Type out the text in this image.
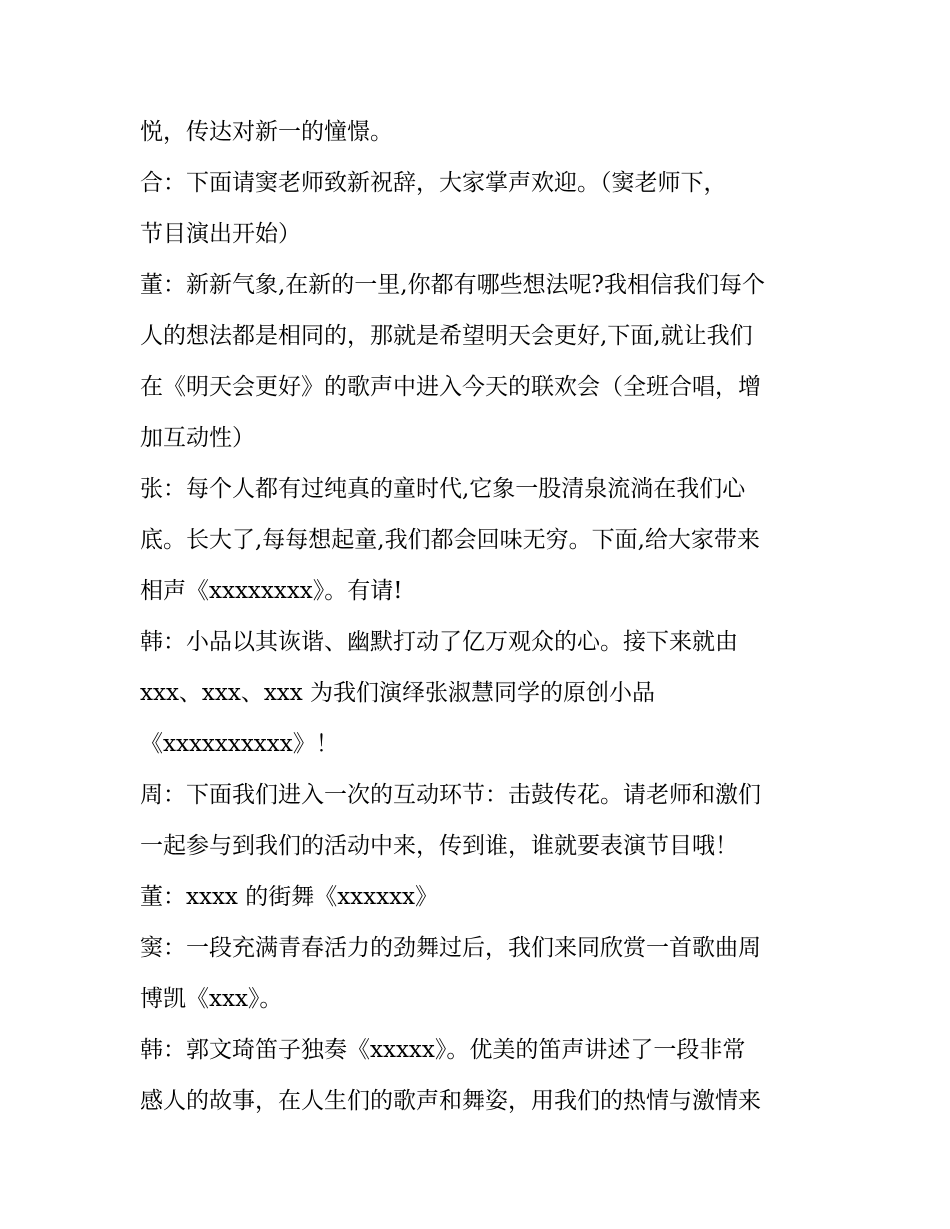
悦，传达对新一的憧憬。
合：下面请窦老师致新祝辞，大家掌声欢迎。（窦老师下，
节目演出开始）
董：新新气象,在新的一里,你都有哪些想法呢?我相信我们每个
人的想法都是相同的，那就是希望明天会更好,下面,就让我们
在《明天会更好》的歌声中进入今天的联欢会（全班合唱，增
加互动性）
张：每个人都有过纯真的童时代,它象一股清泉流淌在我们心
底。长大了,每每想起童,我们都会回味无穷。下面,给大家带来
相声《xxxxxxxx》。有请!
韩：小品以其诙谐、幽默打动了亿万观众的心。接下来就由
xxx、xxx、xxx 为我们演绎张淑慧同学的原创小品
《xxxxxxxxxx》！
周：下面我们进入一次的互动环节：击鼓传花。请老师和激们
一起参与到我们的活动中来，传到谁，谁就要表演节目哦！
董：xxxx 的街舞《xxxxxx》
窦：一段充满青春活力的劲舞过后，我们来同欣赏一首歌曲周
博凯《xxx》。
韩：郭文琦笛子独奏《xxxxx》。优美的笛声讲述了一段非常
感人的故事，在人生们的歌声和舞姿，用我们的热情与激情来
